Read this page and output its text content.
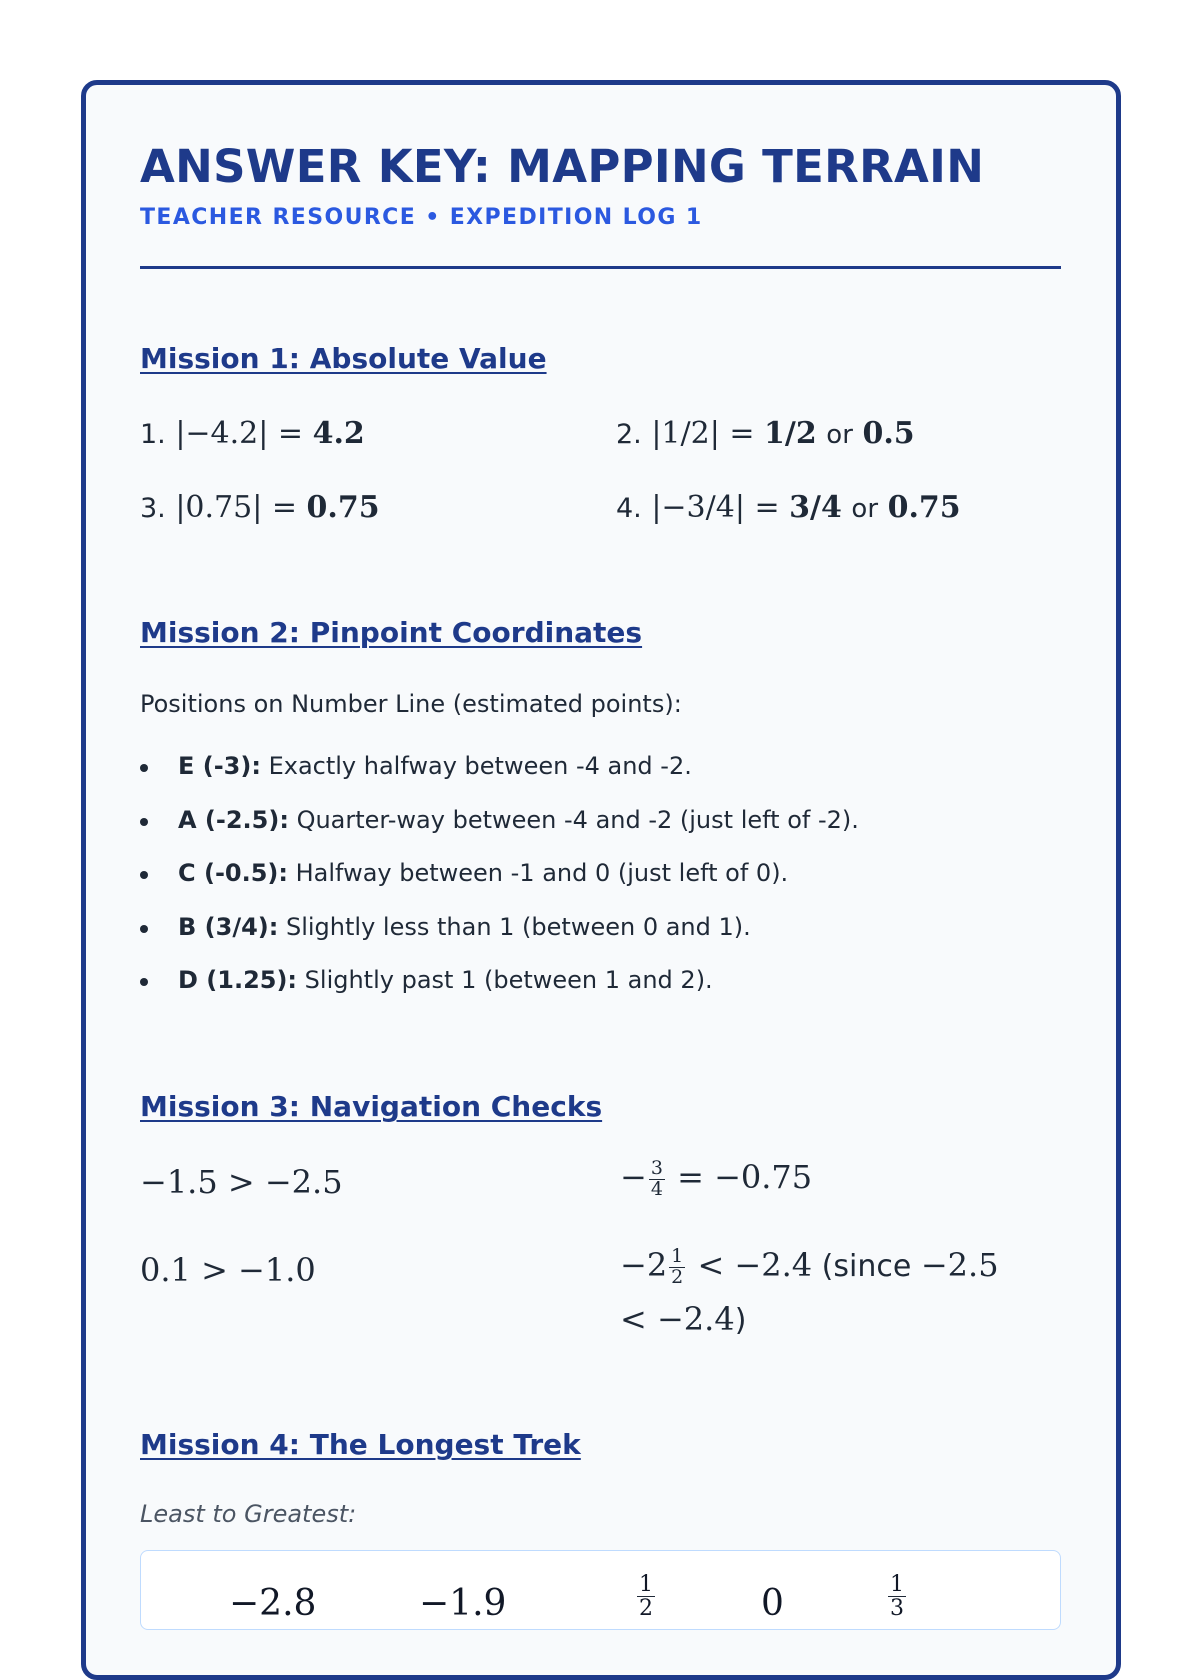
ANSWER KEY: MAPPING TERRAIN
TEACHER RESOURCE • EXPEDITION LOG 1
Mission 1: Absolute Value
1. |−4.2| = 4.2	2. |1/2| = 1/2 or 0.5
3. |0.75| = 0.75	4. |−3/4| = 3/4 or 0.75
Mission 2: Pinpoint Coordinates
Positions on Number Line (estimated points):
E (-3): Exactly halfway between -4 and -2.
A (-2.5): Quarter-way between -4 and -2 (just left of -2).
C (-0.5): Halfway between -1 and 0 (just left of 0).
B (3/4): Slightly less than 1 (between 0 and 1).
D (1.25): Slightly past 1 (between 1 and 2).
Mission 3: Navigation Checks
−1.5 > −2.5	− $\frac{3}{4} = -0.75$
0.1 > −1.0	$-2 \frac{1}{2} < -2.4$ (since −2.5
< −2.4)
Mission 4: The Longest Trek
Least to Greatest:
−2.8	−1.9	$\frac{1}{2}$	0	$\frac{1}{3}$
